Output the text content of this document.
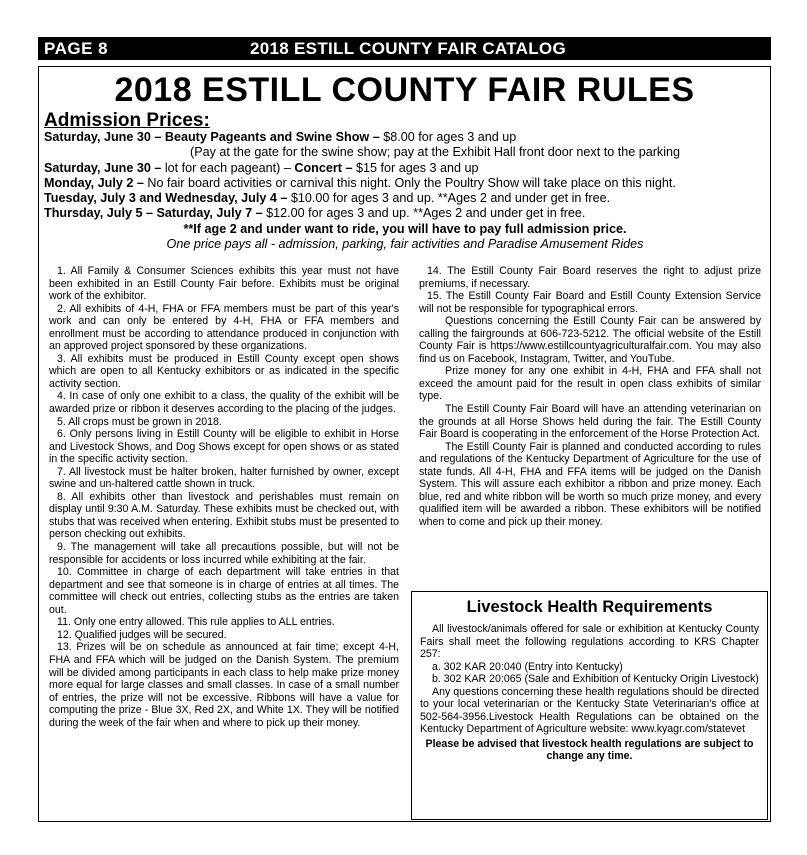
PAGE 8	2018 ESTILL COUNTY FAIR CATALOG
2018 ESTILL COUNTY FAIR RULES

Admission Prices:

Saturday, June 30 – Beauty Pageants and Swine Show – $8.00 for ages 3 and up
(Pay at the gate for the swine show; pay at the Exhibit Hall front door next to the parking
Saturday, June 30 – lot for each pageant) – Concert – $15 for ages 3 and up
Monday, July 2 – No fair board activities or carnival this night. Only the Poultry Show will take place on this night.
Tuesday, July 3 and Wednesday, July 4 – $10.00 for ages 3 and up. **Ages 2 and under get in free.
Thursday, July 5 – Saturday, July 7 – $12.00 for ages 3 and up. **Ages 2 and under get in free.
**If age 2 and under want to ride, you will have to pay full admission price.
One price pays all - admission, parking, fair activities and Paradise Amusement Rides

1. All Family & Consumer Sciences exhibits this year must not have been exhibited in an Estill County Fair before. Exhibits must be original work of the exhibitor.

2. All exhibits of 4-H, FHA or FFA members must be part of this year's work and can only be entered by 4-H, FHA or FFA members and enrollment must be according to attendance produced in conjunction with an approved project sponsored by these organizations.

3. All exhibits must be produced in Estill County except open shows which are open to all Kentucky exhibitors or as indicated in the specific activity section.

4. In case of only one exhibit to a class, the quality of the exhibit will be awarded prize or ribbon it deserves according to the placing of the judges.

5. All crops must be grown in 2018.

6. Only persons living in Estill County will be eligible to exhibit in Horse and Livestock Shows, and Dog Shows except for open shows or as stated in the specific activity section.

7. All livestock must be halter broken, halter furnished by owner, except swine and un-haltered cattle shown in truck.

8. All exhibits other than livestock and perishables must remain on display until 9:30 A.M. Saturday. These exhibits must be checked out, with stubs that was received when entering. Exhibit stubs must be presented to person checking out exhibits.

9. The management will take all precautions possible, but will not be responsible for accidents or loss incurred while exhibiting at the fair.

10. Committee in charge of each department will take entries in that department and see that someone is in charge of entries at all times. The committee will check out entries, collecting stubs as the entries are taken out.

11. Only one entry allowed. This rule applies to ALL entries.

12. Qualified judges will be secured.

13. Prizes will be on schedule as announced at fair time; except 4-H, FHA and FFA which will be judged on the Danish System. The premium will be divided among participants in each class to help make prize money more equal for large classes and small classes. In case of a small number of entries, the prize will not be excessive. Ribbons will have a value for computing the prize - Blue 3X, Red 2X, and White 1X. They will be notified during the week of the fair when and where to pick up their money.

14. The Estill County Fair Board reserves the right to adjust prize premiums, if necessary.

15. The Estill County Fair Board and Estill County Extension Service will not be responsible for typographical errors.

Questions concerning the Estill County Fair can be answered by calling the fairgrounds at 606-723-5212. The official website of the Estill County Fair is https://www.estillcountyagriculturalfair.com. You may also find us on Facebook, Instagram, Twitter, and YouTube.

Prize money for any one exhibit in 4-H, FHA and FFA shall not exceed the amount paid for the result in open class exhibits of similar type.

The Estill County Fair Board will have an attending veterinarian on the grounds at all Horse Shows held during the fair. The Estill County Fair Board is cooperating in the enforcement of the Horse Protection Act.

The Estill County Fair is planned and conducted according to rules and regulations of the Kentucky Department of Agriculture for the use of state funds. All 4-H, FHA and FFA items will be judged on the Danish System. This will assure each exhibitor a ribbon and prize money. Each blue, red and white ribbon will be worth so much prize money, and every qualified item will be awarded a ribbon. These exhibitors will be notified when to come and pick up their money.

Livestock Health Requirements

All livestock/animals offered for sale or exhibition at Kentucky County Fairs shall meet the following regulations according to KRS Chapter 257:

a. 302 KAR 20:040 (Entry into Kentucky)

b. 302 KAR 20:065 (Sale and Exhibition of Kentucky Origin Livestock)

Any questions concerning these health regulations should be directed to your local veterinarian or the Kentucky State Veterinarian's office at 502-564-3956.Livestock Health Regulations can be obtained on the Kentucky Department of Agriculture website: www.kyagr.com/statevet

Please be advised that livestock health regulations are subject to change any time.
